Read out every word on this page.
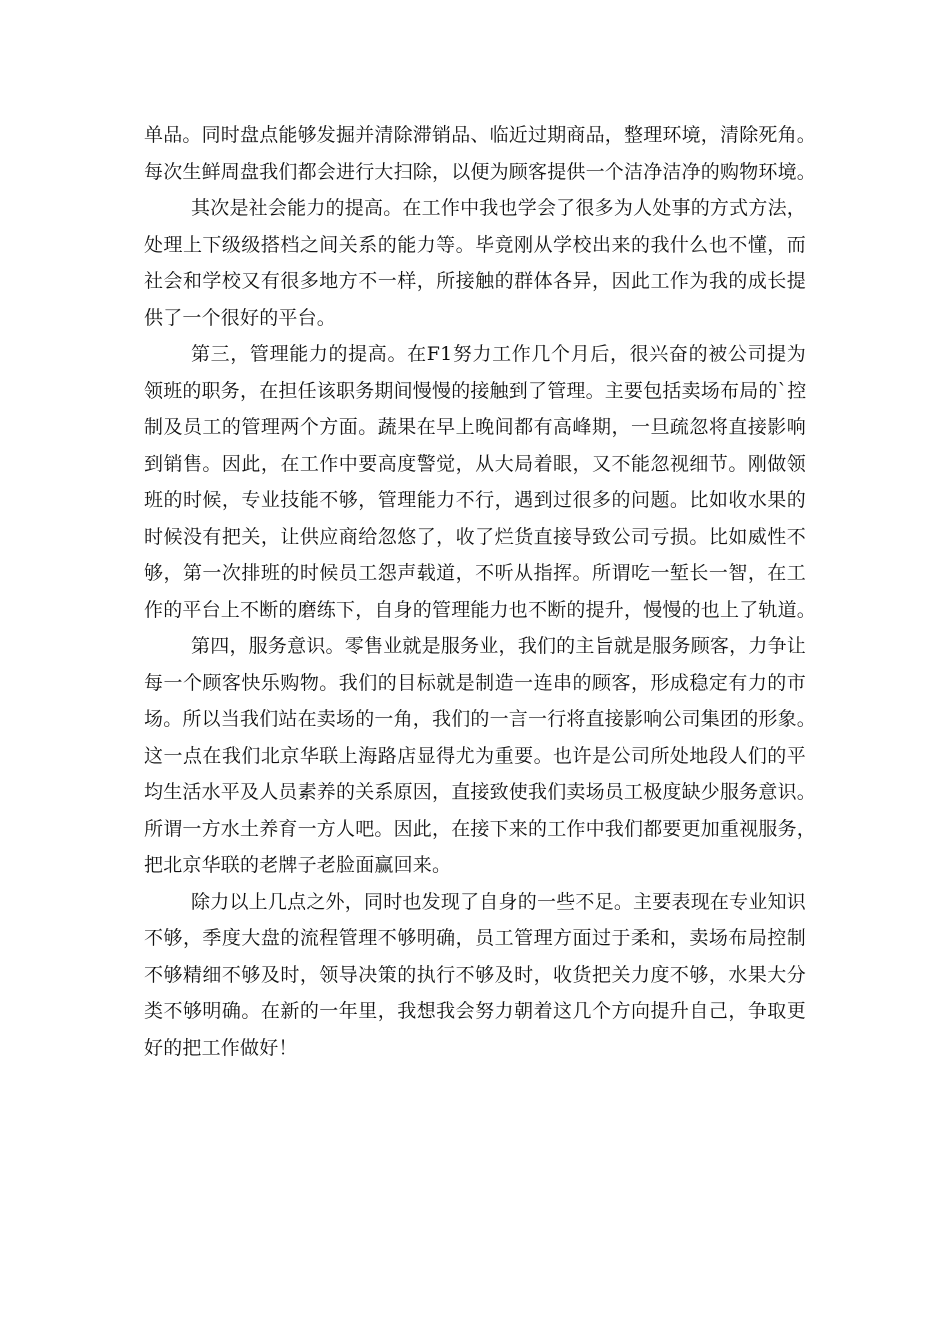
单品。同时盘点能够发掘并清除滞销品、临近过期商品，整理环境，清除死角。
每次生鲜周盘我们都会进行大扫除，以便为顾客提供一个洁净洁净的购物环境。
其次是社会能力的提高。在工作中我也学会了很多为人处事的方式方法，
处理上下级级搭档之间关系的能力等。毕竟刚从学校出来的我什么也不懂，而
社会和学校又有很多地方不一样，所接触的群体各异，因此工作为我的成长提
供了一个很好的平台。
第三，管理能力的提高。在F1努力工作几个月后，很兴奋的被公司提为
领班的职务，在担任该职务期间慢慢的接触到了管理。主要包括卖场布局的`控
制及员工的管理两个方面。蔬果在早上晚间都有高峰期，一旦疏忽将直接影响
到销售。因此，在工作中要高度警觉，从大局着眼，又不能忽视细节。刚做领
班的时候，专业技能不够，管理能力不行，遇到过很多的问题。比如收水果的
时候没有把关，让供应商给忽悠了，收了烂货直接导致公司亏损。比如威性不
够，第一次排班的时候员工怨声载道，不听从指挥。所谓吃一堑长一智，在工
作的平台上不断的磨练下，自身的管理能力也不断的提升，慢慢的也上了轨道。
第四，服务意识。零售业就是服务业，我们的主旨就是服务顾客，力争让
每一个顾客快乐购物。我们的目标就是制造一连串的顾客，形成稳定有力的市
场。所以当我们站在卖场的一角，我们的一言一行将直接影响公司集团的形象。
这一点在我们北京华联上海路店显得尤为重要。也许是公司所处地段人们的平
均生活水平及人员素养的关系原因，直接致使我们卖场员工极度缺少服务意识。
所谓一方水土养育一方人吧。因此，在接下来的工作中我们都要更加重视服务，
把北京华联的老牌子老脸面赢回来。
除力以上几点之外，同时也发现了自身的一些不足。主要表现在专业知识
不够，季度大盘的流程管理不够明确，员工管理方面过于柔和，卖场布局控制
不够精细不够及时，领导决策的执行不够及时，收货把关力度不够，水果大分
类不够明确。在新的一年里，我想我会努力朝着这几个方向提升自己，争取更
好的把工作做好！
